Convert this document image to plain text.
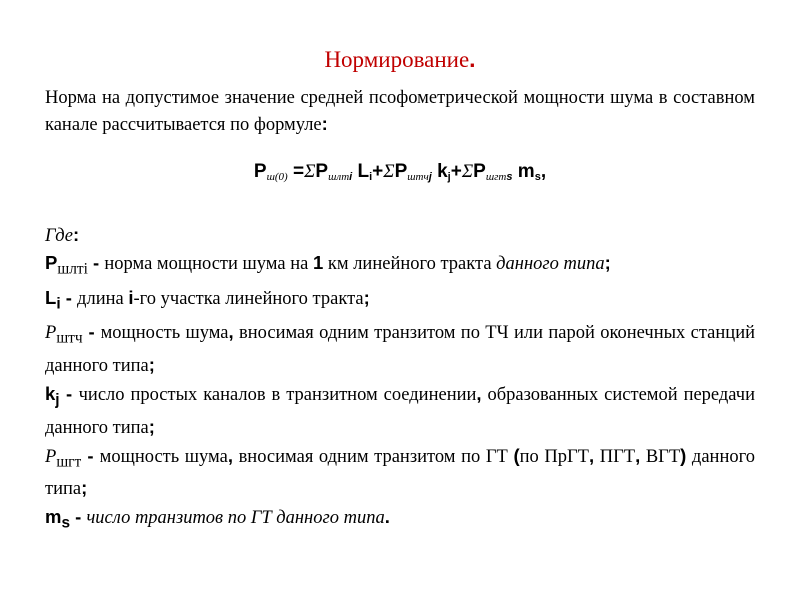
Нормирование.

Норма на допустимое значение средней псофометрической мощности шума в составном канале рассчитывается по формуле:

$P_{ш(0)} =\Sigma P_{шлтi}$ $L_i+\Sigma P_{штчj}$ $k_j+\Sigma P_{шгтs}$ $m_s$,

Где:

$P_{шлтi}$ - норма мощности шума на 1 км линейного тракта данного типа;

$L_i$ - длина i-го участка линейного тракта;

$P_{штч}$ - мощность шума, вносимая одним транзитом по ТЧ или парой оконечных станций данного типа;

$k_j$ - число простых каналов в транзитном соединении, образованных системой передачи данного типа;

$P_{шгт}$ - мощность шума, вносимая одним транзитом по ГТ (по ПрГТ, ПГТ, ВГТ) данного типа;

$m_s$ - число транзитов по ГТ данного типа.
